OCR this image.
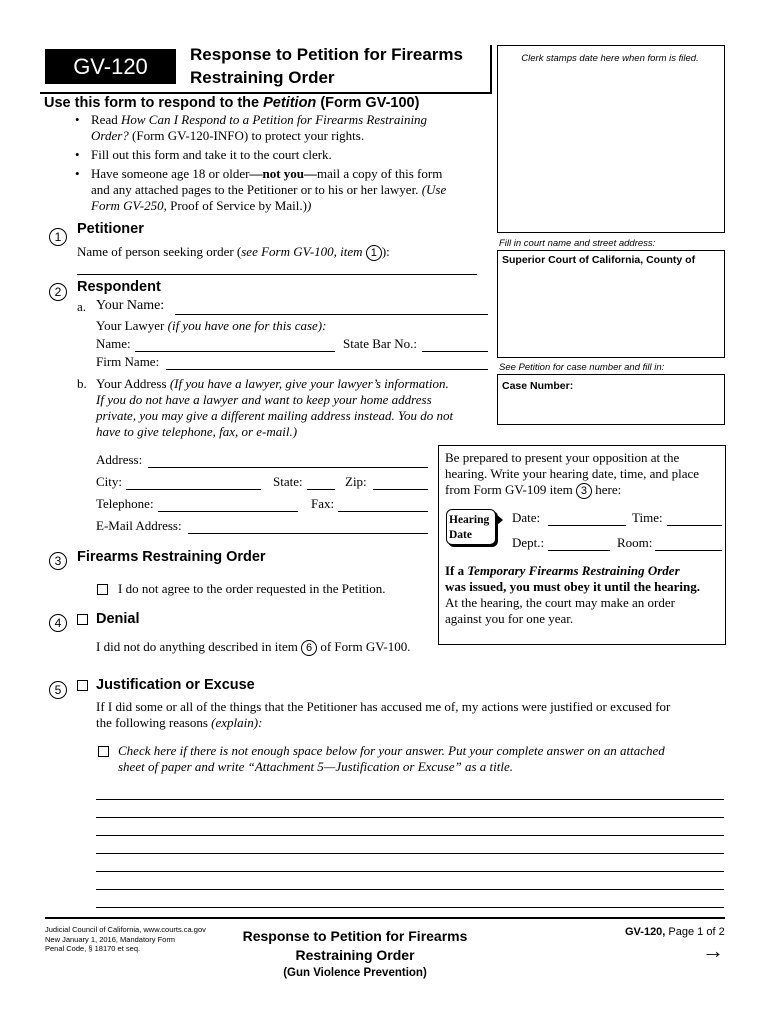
GV-120	Response to Petition for Firearms
Restraining Order
Clerk stamps date here when form is filed.
Fill in court name and street address:
Superior Court of California, County of
See Petition for case number and fill in:
Case Number:
Use this form to respond to the Petition (Form GV-100)
• Read How Can I Respond to a Petition for Firearms Restraining
Order? (Form GV-120-INFO) to protect your rights.
• Fill out this form and take it to the court clerk.
• Have someone age 18 or older—not you—mail a copy of this form
and any attached pages to the Petitioner or to his or her lawyer. (Use
Form GV-250, Proof of Service by Mail.))
1	Petitioner
Name of person seeking order (see Form GV-100, item 1 ):
2	Respondent
a. Your Name:
Your Lawyer (if you have one for this case):
Name:	State Bar No.:
Firm Name:
b. Your Address (If you have a lawyer, give your lawyer’s information.
If you do not have a lawyer and want to keep your home address
private, you may give a different mailing address instead. You do not
have to give telephone, fax, or e-mail.)
Address:
City:	State:	Zip:
Telephone:	Fax:
E-Mail Address:
Be prepared to present your opposition at the
hearing. Write your hearing date, time, and place
from Form GV-109 item 3 here:
Hearing
Date
Date:	Time:
Dept.:	Room:
If a Temporary Firearms Restraining Order
was issued, you must obey it until the hearing.
At the hearing, the court may make an order
against you for one year.
3	Firearms Restraining Order
I do not agree to the order requested in the Petition.
4	Denial
I did not do anything described in item 6 of Form GV-100.
5	Justification or Excuse
If I did some or all of the things that the Petitioner has accused me of, my actions were justified or excused for
the following reasons (explain):
Check here if there is not enough space below for your answer. Put your complete answer on an attached
sheet of paper and write “Attachment 5—Justification or Excuse” as a title.
Judicial Council of California, www.courts.ca.gov
New January 1, 2016, Mandatory Form
Penal Code, § 18170 et seq.
Response to Petition for Firearms
Restraining Order
(Gun Violence Prevention)
GV-120, Page 1 of 2
→
